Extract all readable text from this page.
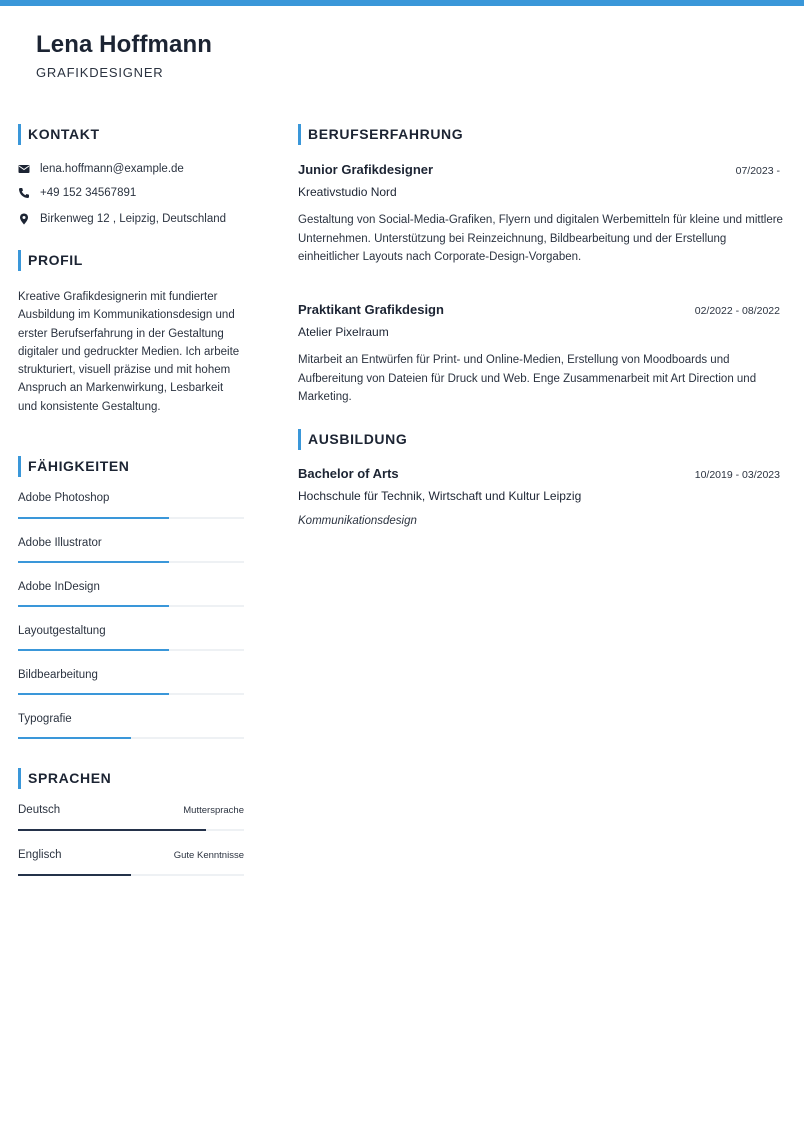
Lena Hoffmann
GRAFIKDESIGNER
KONTAKT
lena.hoffmann@example.de
+49 152 34567891
Birkenweg 12 , Leipzig, Deutschland
PROFIL
Kreative Grafikdesignerin mit fundierter Ausbildung im Kommunikationsdesign und erster Berufserfahrung in der Gestaltung digitaler und gedruckter Medien. Ich arbeite strukturiert, visuell präzise und mit hohem Anspruch an Markenwirkung, Lesbarkeit und konsistente Gestaltung.
FÄHIGKEITEN
Adobe Photoshop
Adobe Illustrator
Adobe InDesign
Layoutgestaltung
Bildbearbeitung
Typografie
SPRACHEN
Deutsch	Muttersprache
Englisch	Gute Kenntnisse
BERUFSERFAHRUNG
Junior Grafikdesigner	07/2023 -
Kreativstudio Nord
Gestaltung von Social-Media-Grafiken, Flyern und digitalen Werbemitteln für kleine und mittlere Unternehmen. Unterstützung bei Reinzeichnung, Bildbearbeitung und der Erstellung einheitlicher Layouts nach Corporate-Design-Vorgaben.
Praktikant Grafikdesign	02/2022 - 08/2022
Atelier Pixelraum
Mitarbeit an Entwürfen für Print- und Online-Medien, Erstellung von Moodboards und Aufbereitung von Dateien für Druck und Web. Enge Zusammenarbeit mit Art Direction und Marketing.
AUSBILDUNG
Bachelor of Arts	10/2019 - 03/2023
Hochschule für Technik, Wirtschaft und Kultur Leipzig
Kommunikationsdesign
